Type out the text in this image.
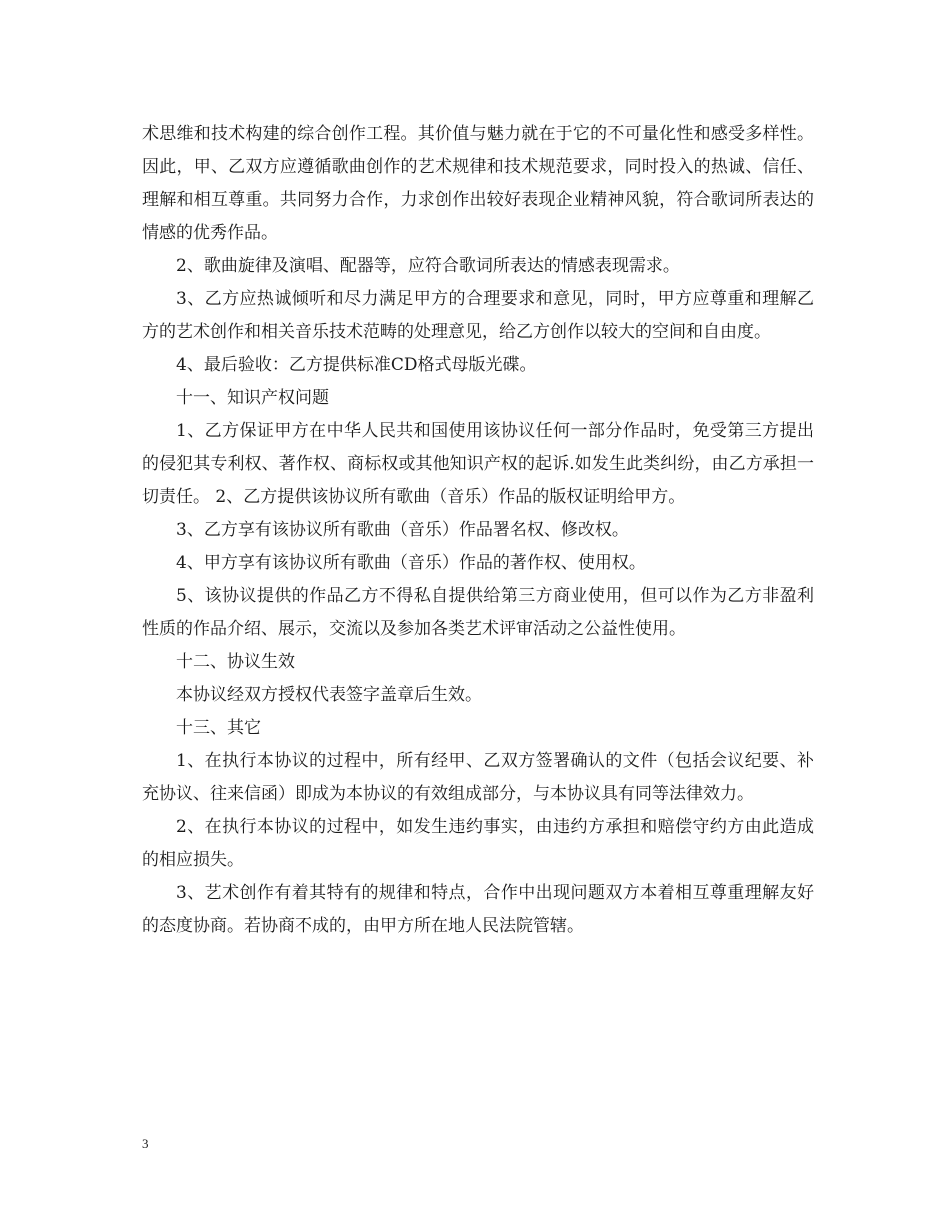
术思维和技术构建的综合创作工程。其价值与魅力就在于它的不可量化性和感受多样性。因此，甲、乙双方应遵循歌曲创作的艺术规律和技术规范要求，同时投入的热诚、信任、理解和相互尊重。共同努力合作，力求创作出较好表现企业精神风貌，符合歌词所表达的情感的优秀作品。

2、歌曲旋律及演唱、配器等，应符合歌词所表达的情感表现需求。

3、乙方应热诚倾听和尽力满足甲方的合理要求和意见，同时，甲方应尊重和理解乙方的艺术创作和相关音乐技术范畴的处理意见，给乙方创作以较大的空间和自由度。

4、最后验收：乙方提供标准CD格式母版光碟。

十一、知识产权问题

1、乙方保证甲方在中华人民共和国使用该协议任何一部分作品时，免受第三方提出的侵犯其专利权、著作权、商标权或其他知识产权的起诉.如发生此类纠纷，由乙方承担一切责任。 2、乙方提供该协议所有歌曲（音乐）作品的版权证明给甲方。

3、乙方享有该协议所有歌曲（音乐）作品署名权、修改权。

4、甲方享有该协议所有歌曲（音乐）作品的著作权、使用权。

5、该协议提供的作品乙方不得私自提供给第三方商业使用，但可以作为乙方非盈利性质的作品介绍、展示，交流以及参加各类艺术评审活动之公益性使用。

十二、协议生效

本协议经双方授权代表签字盖章后生效。

十三、其它

1、在执行本协议的过程中，所有经甲、乙双方签署确认的文件（包括会议纪要、补充协议、往来信函）即成为本协议的有效组成部分，与本协议具有同等法律效力。

2、在执行本协议的过程中，如发生违约事实，由违约方承担和赔偿守约方由此造成的相应损失。

3、艺术创作有着其特有的规律和特点，合作中出现问题双方本着相互尊重理解友好的态度协商。若协商不成的，由甲方所在地人民法院管辖。

3
